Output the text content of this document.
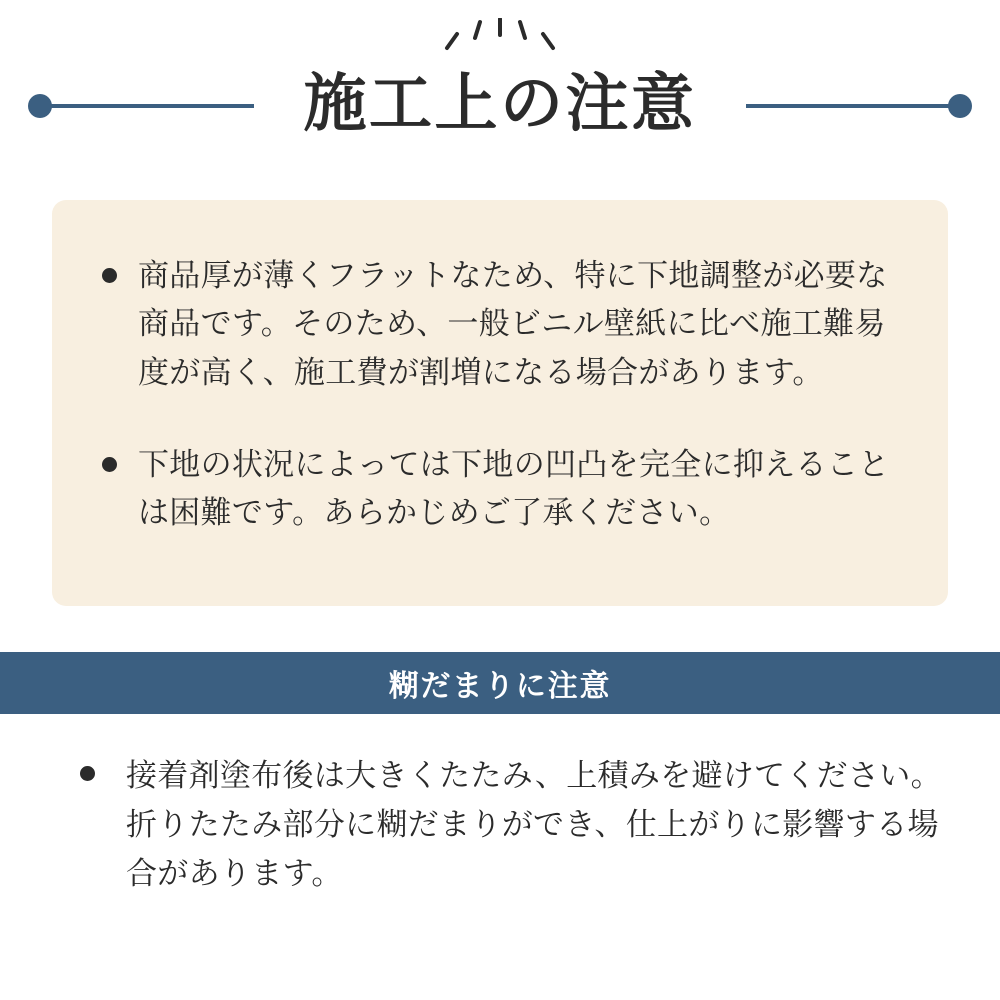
施工上の注意
商品厚が薄くフラットなため、特に下地調整が必要な商品です。そのため、一般ビニル壁紙に比べ施工難易度が高く、施工費が割増になる場合があります。
下地の状況によっては下地の凹凸を完全に抑えることは困難です。あらかじめご了承ください。
糊だまりに注意
接着剤塗布後は大きくたたみ、上積みを避けてください。折りたたみ部分に糊だまりができ、仕上がりに影響する場合があります。
